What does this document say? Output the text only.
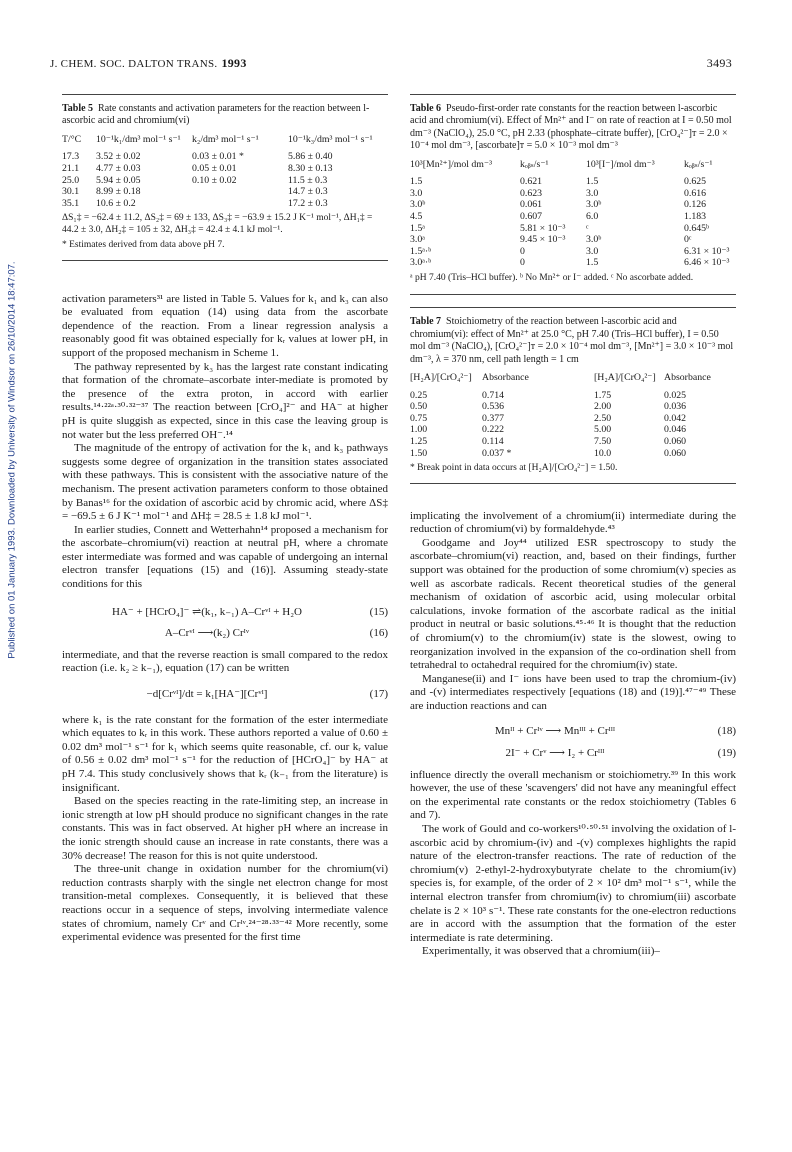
J. CHEM. SOC. DALTON TRANS. 1993	3493
Published on 01 January 1993. Downloaded by University of Windsor on 26/10/2014 18:47:07.
Table 5 Rate constants and activation parameters for the reaction between l-ascorbic acid and chromium(vi)
T/°C	10⁻¹k₁/dm³ mol⁻¹ s⁻¹	k₂/dm³ mol⁻¹ s⁻¹	10⁻¹k₃/dm³ mol⁻¹ s⁻¹

17.3	3.52 ± 0.02	0.03 ± 0.01 *	5.86 ± 0.40
21.1	4.77 ± 0.03	0.05 ± 0.01	8.30 ± 0.13
25.0	5.94 ± 0.05	0.10 ± 0.02	11.5 ± 0.3
30.1	8.99 ± 0.18		14.7 ± 0.3
35.1	10.6 ± 0.2		17.2 ± 0.3
ΔS₁‡ = −62.4 ± 11.2, ΔS₂‡ = 69 ± 133, ΔS₃‡ = −63.9 ± 15.2 J K⁻¹ mol⁻¹, ΔH₁‡ = 44.2 ± 3.0, ΔH₂‡ = 105 ± 32, ΔH₃‡ = 42.4 ± 4.1 kJ mol⁻¹.
* Estimates derived from data above pH 7.

activation parameters³¹ are listed in Table 5. Values for k₁ and k₃ can also be evaluated from equation (14) using data from the ascorbate dependence of the reaction. From a linear regression analysis a reasonably good fit was obtained especially for kᵣ values at lower pH, in support of the proposed mechanism in Scheme 1.

The pathway represented by k₃ has the largest rate constant indicating that formation of the chromate–ascorbate inter-mediate is promoted by the presence of the extra proton, in accord with earlier results.¹⁴·²²ᵃ·³⁰·³²⁻³⁷ The reaction between [CrO₄]²⁻ and HA⁻ at higher pH is quite sluggish as expected, since in this case the leaving group is not water but the less preferred OH⁻.¹⁴

The magnitude of the entropy of activation for the k₁ and k₃ pathways suggests some degree of organization in the transition states associated with these pathways. This is consistent with the associative nature of the mechanism. The present activation parameters conform to those obtained by Banas¹⁶ for the oxidation of ascorbic acid by chromic acid, where ΔS‡ = −69.5 ± 6 J K⁻¹ mol⁻¹ and ΔH‡ = 28.5 ± 1.8 kJ mol⁻¹.

In earlier studies, Connett and Wetterhahn¹⁴ proposed a mechanism for the ascorbate–chromium(vi) reaction at neutral pH, where a chromate ester intermediate was formed and was capable of undergoing an internal electron transfer [equations (15) and (16)]. Assuming steady-state conditions for this

HA⁻ + [HCrO₄]⁻ ⇌(k₁, k₋₁) A–Crᵛᴵ + H₂O	(15)
A–Crᵛᴵ ⟶(k₂) Crᴵᵛ	(16)

intermediate, and that the reverse reaction is small compared to the redox reaction (i.e. k₂ ≥ k₋₁), equation (17) can be written

−d[Crᵛᴵ]/dt = k₁[HA⁻][Crᵛᴵ]	(17)

where k₁ is the rate constant for the formation of the ester intermediate which equates to kᵣ in this work. These authors reported a value of 0.60 ± 0.02 dm³ mol⁻¹ s⁻¹ for k₁ which seems quite reasonable, cf. our kᵣ value of 0.56 ± 0.02 dm³ mol⁻¹ s⁻¹ for the reduction of [HCrO₄]⁻ by HA⁻ at pH 7.4. This study conclusively shows that kᵣ (k₋₁ from the literature) is insignificant.

Based on the species reacting in the rate-limiting step, an increase in ionic strength at low pH should produce no significant changes in the rate constants. This was in fact observed. At higher pH where an increase in the ionic strength should cause an increase in rate constants, there was a 30% decrease! The reason for this is not quite understood.

The three-unit change in oxidation number for the chromium(vi) reduction contrasts sharply with the single net electron change for most transition-metal complexes. Consequently, it is believed that these reactions occur in a sequence of steps, involving intermediate valence states of chromium, namely Crᵛ and Crᴵᵛ.²⁴⁻²⁸·³³⁻⁴² More recently, some experimental evidence was presented for the first time

Table 6 Pseudo-first-order rate constants for the reaction between l-ascorbic acid and chromium(vi). Effect of Mn²⁺ and I⁻ on rate of reaction at I = 0.50 mol dm⁻³ (NaClO₄), 25.0 °C, pH 2.33 (phosphate–citrate buffer), [CrO₄²⁻]ᴛ = 2.0 × 10⁻⁴ mol dm⁻³, [ascorbate]ᴛ = 5.0 × 10⁻³ mol dm⁻³
10³[Mn²⁺]/mol dm⁻³	kₒᵦₛ/s⁻¹	10³[I⁻]/mol dm⁻³	kₒᵦₛ/s⁻¹

1.5	0.621	1.5	0.625
3.0	0.623	3.0	0.616
3.0ᵇ	0.061	3.0ᵇ	0.126
4.5	0.607	6.0	1.183
1.5ᵃ	5.81 × 10⁻³	ᶜ	0.645ᵇ
3.0ᵃ	9.45 × 10⁻³	3.0ᵇ	0ᶜ
1.5ᵃ·ᵇ	0	3.0	6.31 × 10⁻³
3.0ᵃ·ᵇ	0	1.5	6.46 × 10⁻³
ᵃ pH 7.40 (Tris–HCl buffer). ᵇ No Mn²⁺ or I⁻ added. ᶜ No ascorbate added.
Table 7 Stoichiometry of the reaction between l-ascorbic acid and chromium(vi): effect of Mn²⁺ at 25.0 °C, pH 7.40 (Tris–HCl buffer), I = 0.50 mol dm⁻³ (NaClO₄), [CrO₄²⁻]ᴛ = 2.0 × 10⁻⁴ mol dm⁻³, [Mn²⁺] = 3.0 × 10⁻³ mol dm⁻³, λ = 370 nm, cell path length = 1 cm
[H₂A]/[CrO₄²⁻]	Absorbance	[H₂A]/[CrO₄²⁻]	Absorbance

0.25	0.714	1.75	0.025
0.50	0.536	2.00	0.036
0.75	0.377	2.50	0.042
1.00	0.222	5.00	0.046
1.25	0.114	7.50	0.060
1.50	0.037 *	10.0	0.060
* Break point in data occurs at [H₂A]/[CrO₄²⁻] = 1.50.

implicating the involvement of a chromium(ii) intermediate during the reduction of chromium(vi) by formaldehyde.⁴³

Goodgame and Joy⁴⁴ utilized ESR spectroscopy to study the ascorbate–chromium(vi) reaction, and, based on their findings, further support was obtained for the production of some chromium(v) species as well as ascorbate radicals. Recent theoretical studies of the general mechanism of oxidation of ascorbic acid, using molecular orbital calculations, invoke formation of the ascorbate radical as the initial product in neutral or basic solutions.⁴⁵·⁴⁶ It is thought that the reduction of chromium(v) to the chromium(iv) state is the slowest, owing to reorganization involved in the expansion of the co-ordination shell from tetrahedral to octahedral required for the chromium(iv) state.

Manganese(ii) and I⁻ ions have been used to trap the chromium-(iv) and -(v) intermediates respectively [equations (18) and (19)].⁴⁷⁻⁴⁹ These are induction reactions and can

Mnᴵᴵ + Crᴵᵛ ⟶ Mnᴵᴵᴵ + Crᴵᴵᴵ	(18)
2I⁻ + Crᵛ ⟶ I₂ + Crᴵᴵᴵ	(19)

influence directly the overall mechanism or stoichiometry.³⁹ In this work however, the use of these 'scavengers' did not have any meaningful effect on the experimental rate constants or the redox stoichiometry (Tables 6 and 7).

The work of Gould and co-workers¹⁰·⁵⁰·⁵¹ involving the oxidation of l-ascorbic acid by chromium-(iv) and -(v) complexes highlights the rapid nature of the electron-transfer reactions. The rate of reduction of the chromium(v) 2-ethyl-2-hydroxybutyrate chelate to the chromium(iv) species is, for example, of the order of 2 × 10² dm³ mol⁻¹ s⁻¹, while the internal electron transfer from chromium(iv) to chromium(iii) ascorbate chelate is 2 × 10³ s⁻¹. These rate constants for the one-electron reductions are in accord with the assumption that the formation of the ester intermediate is rate determining.

Experimentally, it was observed that a chromium(iii)–
